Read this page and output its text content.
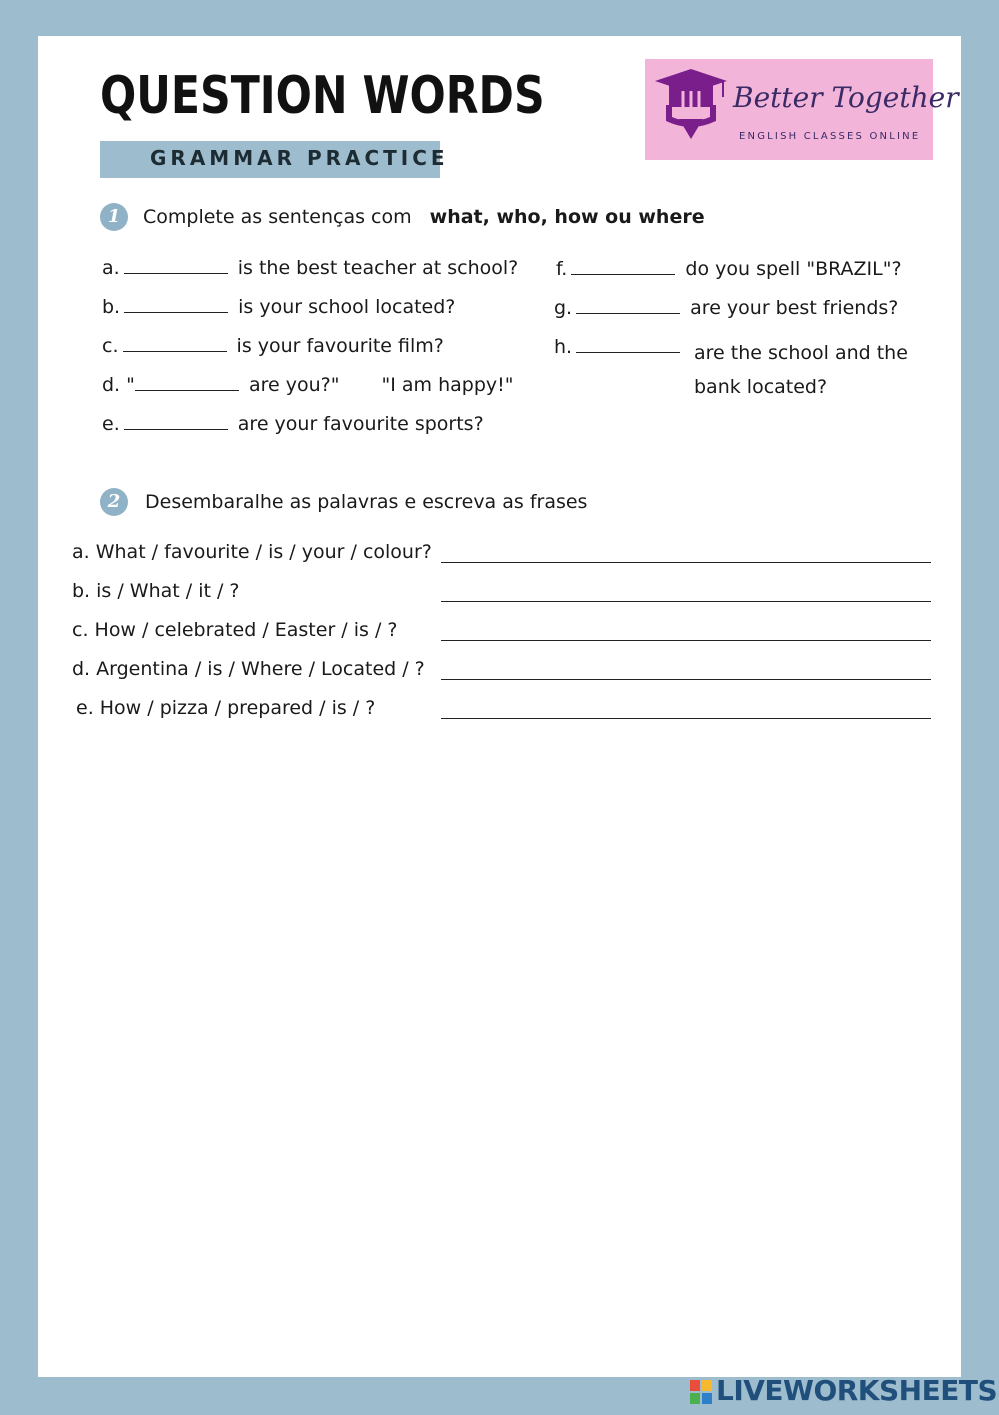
QUESTION WORDS
GRAMMAR PRACTICE
Better Together
ENGLISH CLASSES ONLINE
1	Complete as sentenças com what, who, how ou where
a.	is the best teacher at school?
b.	is your school located?
c.	is your favourite film?
d. "	are you?" "I am happy!"
e.	are your favourite sports?
f.	do you spell "BRAZIL"?
g.	are your best friends?
h.	are the school and the
bank located?
2	Desembaralhe as palavras e escreva as frases
a. What / favourite / is / your / colour?
b. is / What / it / ?
c. How / celebrated / Easter / is / ?
d. Argentina / is / Where / Located / ?
e. How / pizza / prepared / is / ?
LIVEWORKSHEETS
